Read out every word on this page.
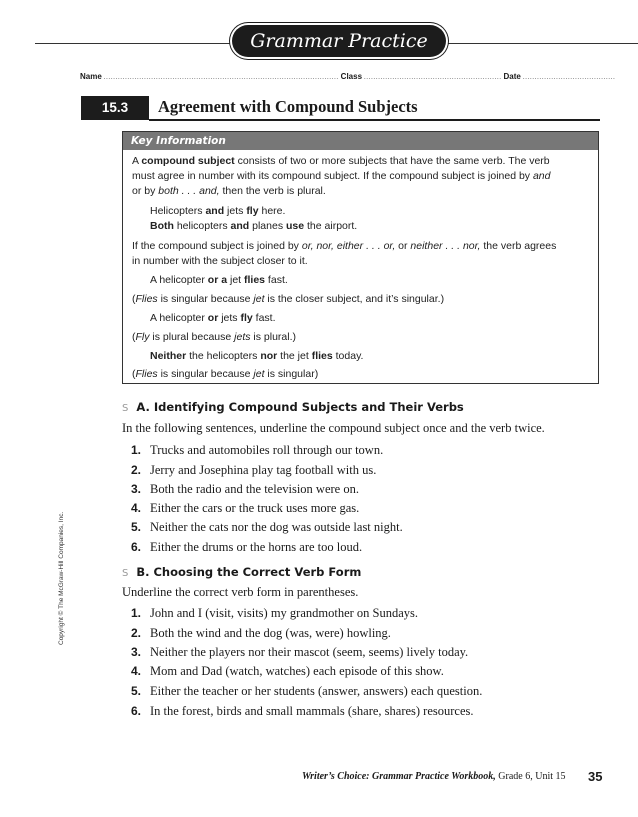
Grammar Practice
Name ................................................................................................... Class .......................................................... Date .......................................
15.3	Agreement with Compound Subjects
Key Information
A compound subject consists of two or more subjects that have the same verb. The verb
must agree in number with its compound subject. If the compound subject is joined by and
or by both . . . and, then the verb is plural.
Helicopters and jets fly here.
Both helicopters and planes use the airport.
If the compound subject is joined by or, nor, either . . . or, or neither . . . nor, the verb agrees
in number with the subject closer to it.
A helicopter or a jet flies fast.
(Flies is singular because jet is the closer subject, and it’s singular.)
A helicopter or jets fly fast.
(Fly is plural because jets is plural.)
Neither the helicopters nor the jet flies today.
(Flies is singular because jet is singular)
S A. Identifying Compound Subjects and Their Verbs
In the following sentences, underline the compound subject once and the verb twice.
1. Trucks and automobiles roll through our town.
2. Jerry and Josephina play tag football with us.
3. Both the radio and the television were on.
4. Either the cars or the truck uses more gas.
5. Neither the cats nor the dog was outside last night.
6. Either the drums or the horns are too loud.
S B. Choosing the Correct Verb Form
Underline the correct verb form in parentheses.
1. John and I (visit, visits) my grandmother on Sundays.
2. Both the wind and the dog (was, were) howling.
3. Neither the players nor their mascot (seem, seems) lively today.
4. Mom and Dad (watch, watches) each episode of this show.
5. Either the teacher or her students (answer, answers) each question.
6. In the forest, birds and small mammals (share, shares) resources.
Copyright © The McGraw-Hill Companies, Inc.
Writer’s Choice: Grammar Practice Workbook, Grade 6, Unit 15 35
